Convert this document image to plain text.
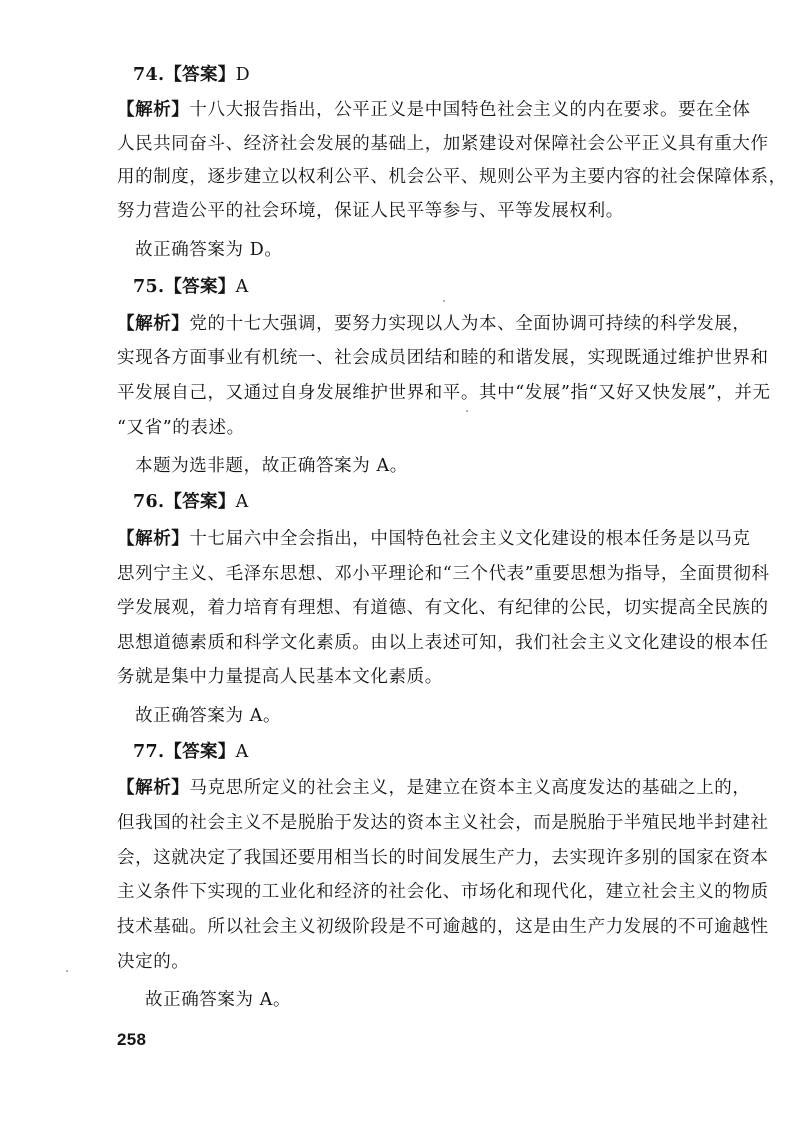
74.【答案】D
【解析】十八大报告指出，公平正义是中国特色社会主义的内在要求。要在全体
人民共同奋斗、经济社会发展的基础上，加紧建设对保障社会公平正义具有重大作
用的制度，逐步建立以权利公平、机会公平、规则公平为主要内容的社会保障体系，
努力营造公平的社会环境，保证人民平等参与、平等发展权利。
故正确答案为 D。
75.【答案】A
【解析】党的十七大强调，要努力实现以人为本、全面协调可持续的科学发展，
实现各方面事业有机统一、社会成员团结和睦的和谐发展，实现既通过维护世界和
平发展自己，又通过自身发展维护世界和平。其中“发展”指“又好又快发展”，并无
“又省”的表述。
本题为选非题，故正确答案为 A。
76.【答案】A
【解析】十七届六中全会指出，中国特色社会主义文化建设的根本任务是以马克
思列宁主义、毛泽东思想、邓小平理论和“三个代表”重要思想为指导，全面贯彻科
学发展观，着力培育有理想、有道德、有文化、有纪律的公民，切实提高全民族的
思想道德素质和科学文化素质。由以上表述可知，我们社会主义文化建设的根本任
务就是集中力量提高人民基本文化素质。
故正确答案为 A。
77.【答案】A
【解析】马克思所定义的社会主义，是建立在资本主义高度发达的基础之上的，
但我国的社会主义不是脱胎于发达的资本主义社会，而是脱胎于半殖民地半封建社
会，这就决定了我国还要用相当长的时间发展生产力，去实现许多别的国家在资本
主义条件下实现的工业化和经济的社会化、市场化和现代化，建立社会主义的物质
技术基础。所以社会主义初级阶段是不可逾越的，这是由生产力发展的不可逾越性
决定的。
故正确答案为 A。
258
